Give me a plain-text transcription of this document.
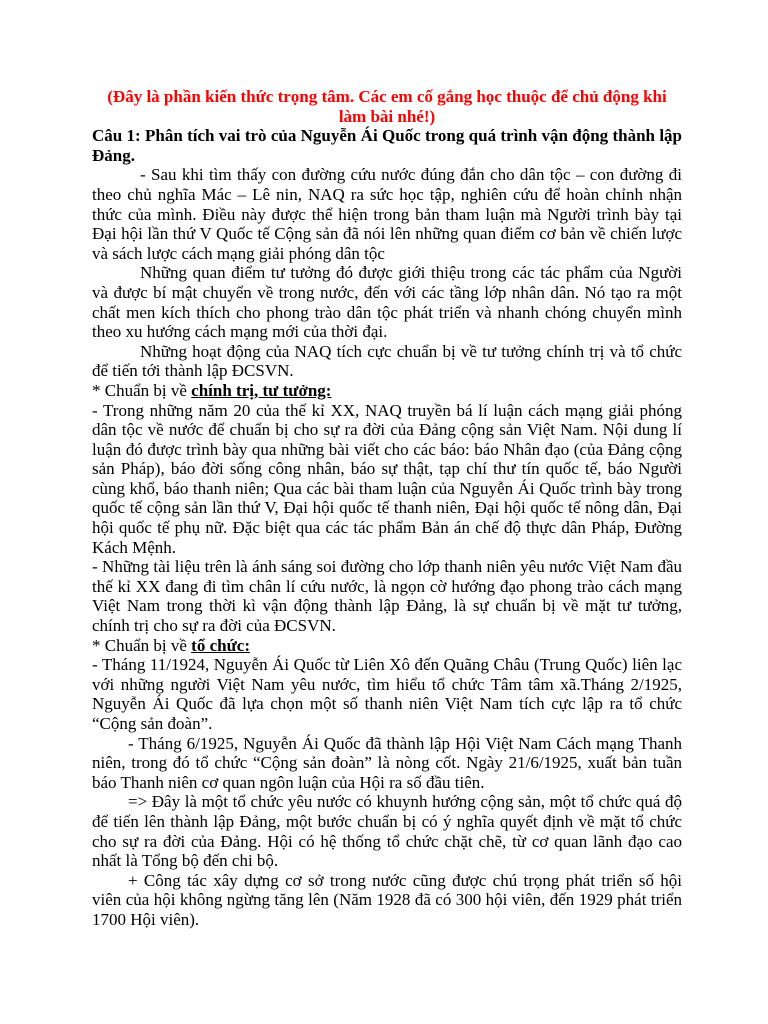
(Đây là phần kiến thức trọng tâm. Các em cố gắng học thuộc để chủ động khi làm bài nhé!)

Câu 1: Phân tích vai trò của Nguyễn Ái Quốc trong quá trình vận động thành lập Đảng.

- Sau khi tìm thấy con đường cứu nước đúng đắn cho dân tộc – con đường đi theo chủ nghĩa Mác – Lê nin, NAQ ra sức học tập, nghiên cứu để hoàn chỉnh nhận thức của mình. Điều này được thể hiện trong bản tham luận mà Người trình bày tại Đại hội lần thứ V Quốc tế Cộng sản đã nói lên những quan điểm cơ bản về chiến lược và sách lược cách mạng giải phóng dân tộc

Những quan điểm tư tưởng đó được giới thiệu trong các tác phẩm của Người và được bí mật chuyển về trong nước, đến với các tầng lớp nhân dân. Nó tạo ra một chất men kích thích cho phong trào dân tộc phát triển và nhanh chóng chuyển mình theo xu hướng cách mạng mới của thời đại.

Những hoạt động của NAQ tích cực chuẩn bị về tư tưởng chính trị và tổ chức để tiến tới thành lập ĐCSVN.

* Chuẩn bị về chính trị, tư tưởng:

- Trong những năm 20 của thế kỉ XX, NAQ truyền bá lí luận cách mạng giải phóng dân tộc về nước để chuẩn bị cho sự ra đời của Đảng cộng sản Việt Nam. Nội dung lí luận đó được trình bày qua những bài viết cho các báo: báo Nhân đạo (của Đảng cộng sản Pháp), báo đời sống công nhân, báo sự thật, tạp chí thư tín quốc tế, báo Người cùng khổ, báo thanh niên; Qua các bài tham luận của Nguyễn Ái Quốc trình bày trong quốc tế cộng sản lần thứ V, Đại hội quốc tế thanh niên, Đại hội quốc tế nông dân, Đại hội quốc tế phụ nữ. Đặc biệt qua các tác phẩm Bản án chế độ thực dân Pháp, Đường Kách Mệnh.

- Những tài liệu trên là ánh sáng soi đường cho lớp thanh niên yêu nước Việt Nam đầu thế kỉ XX đang đi tìm chân lí cứu nước, là ngọn cờ hướng đạo phong trào cách mạng Việt Nam trong thời kì vận động thành lập Đảng, là sự chuẩn bị về mặt tư tưởng, chính trị cho sự ra đời của ĐCSVN.

* Chuẩn bị về tổ chức:

- Tháng 11/1924, Nguyễn Ái Quốc từ Liên Xô đến Quãng Châu (Trung Quốc) liên lạc với những người Việt Nam yêu nước, tìm hiểu tổ chức Tâm tâm xã.Tháng 2/1925, Nguyễn Ái Quốc đã lựa chọn một số thanh niên Việt Nam tích cực lập ra tổ chức “Cộng sản đoàn”.

- Tháng 6/1925, Nguyễn Ái Quốc đã thành lập Hội Việt Nam Cách mạng Thanh niên, trong đó tổ chức “Cộng sản đoàn” là nòng cốt. Ngày 21/6/1925, xuất bản tuần báo Thanh niên cơ quan ngôn luận của Hội ra số đầu tiên.

=> Đây là một tổ chức yêu nước có khuynh hướng cộng sản, một tổ chức quá độ để tiến lên thành lập Đảng, một bước chuẩn bị có ý nghĩa quyết định về mặt tổ chức cho sự ra đời của Đảng. Hội có hệ thống tổ chức chặt chẽ, từ cơ quan lãnh đạo cao nhất là Tổng bộ đến chi bộ.

+ Công tác xây dựng cơ sở trong nước cũng được chú trọng phát triển số hội viên của hội không ngừng tăng lên (Năm 1928 đã có 300 hội viên, đến 1929 phát triển 1700 Hội viên).
